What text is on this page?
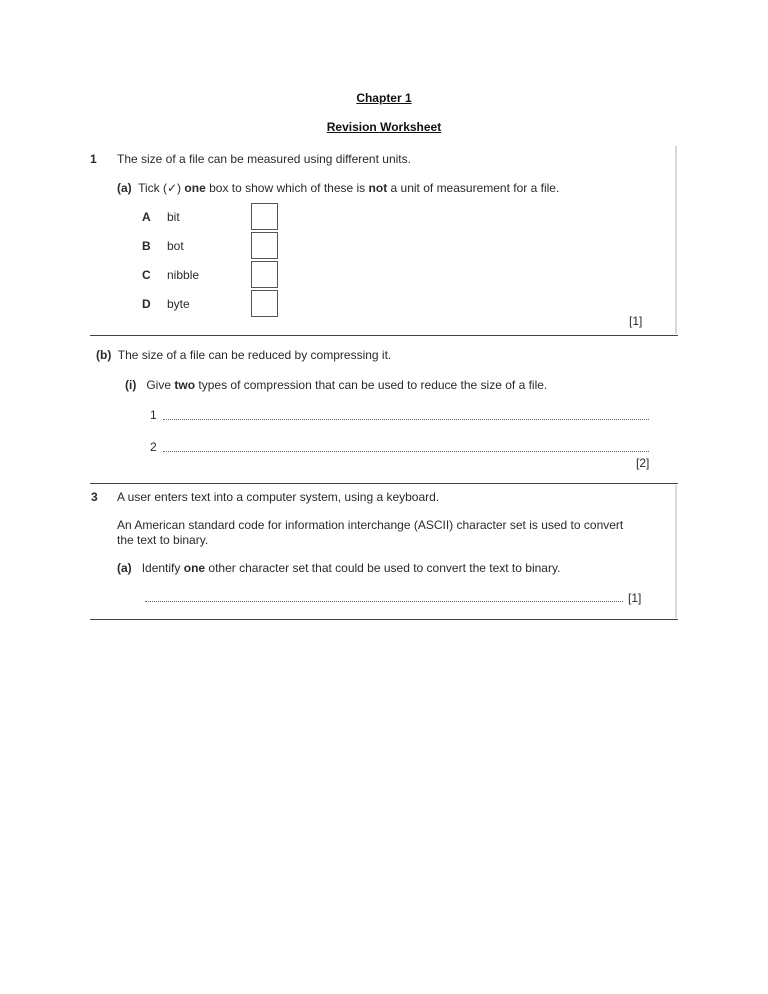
Chapter 1
Revision Worksheet
1 The size of a file can be measured using different units.
(a) Tick (✓) one box to show which of these is not a unit of measurement for a file.
A bit
B bot
C nibble
D byte
[1]
(b) The size of a file can be reduced by compressing it.
(i) Give two types of compression that can be used to reduce the size of a file.
1
2
[2]
3 A user enters text into a computer system, using a keyboard.
An American standard code for information interchange (ASCII) character set is used to convert
the text to binary.
(a) Identify one other character set that could be used to convert the text to binary.
[1]
